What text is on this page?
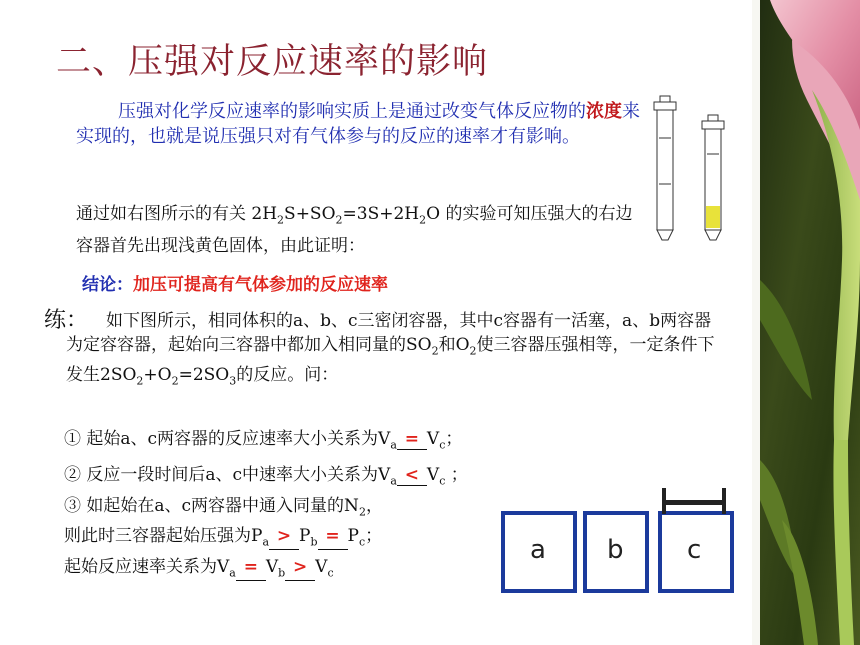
二、压强对反应速率的影响
压强对化学反应速率的影响实质上是通过改变气体反应物的浓度来实现的，也就是说压强只对有气体参与的反应的速率才有影响。
通过如右图所示的有关 $2H_2S+SO_2=3S+2H_2O$ 的实验可知压强大的右边容器首先出现浅黄色固体，由此证明：
结论：加压可提高有气体参加的反应速率
练：	如下图所示，相同体积的a、b、c三密闭容器，其中c容器有一活塞，a、b两容器为定容容器，起始向三容器中都加入相同量的$SO_2$和$O_2$使三容器压强相等，一定条件下发生$2SO_2+O_2=2SO_3$的反应。问：
① 起始a、c两容器的反应速率大小关系为$V_a = V_c$；
② 反应一段时间后a、c中速率大小关系为$V_a < V_c$ ；
③ 如起始在a、c两容器中通入同量的$N_2$，
则此时三容器起始压强为$P_a > P_b = P_c$；
起始反应速率关系为$V_a = V_b > V_c$
a b c
